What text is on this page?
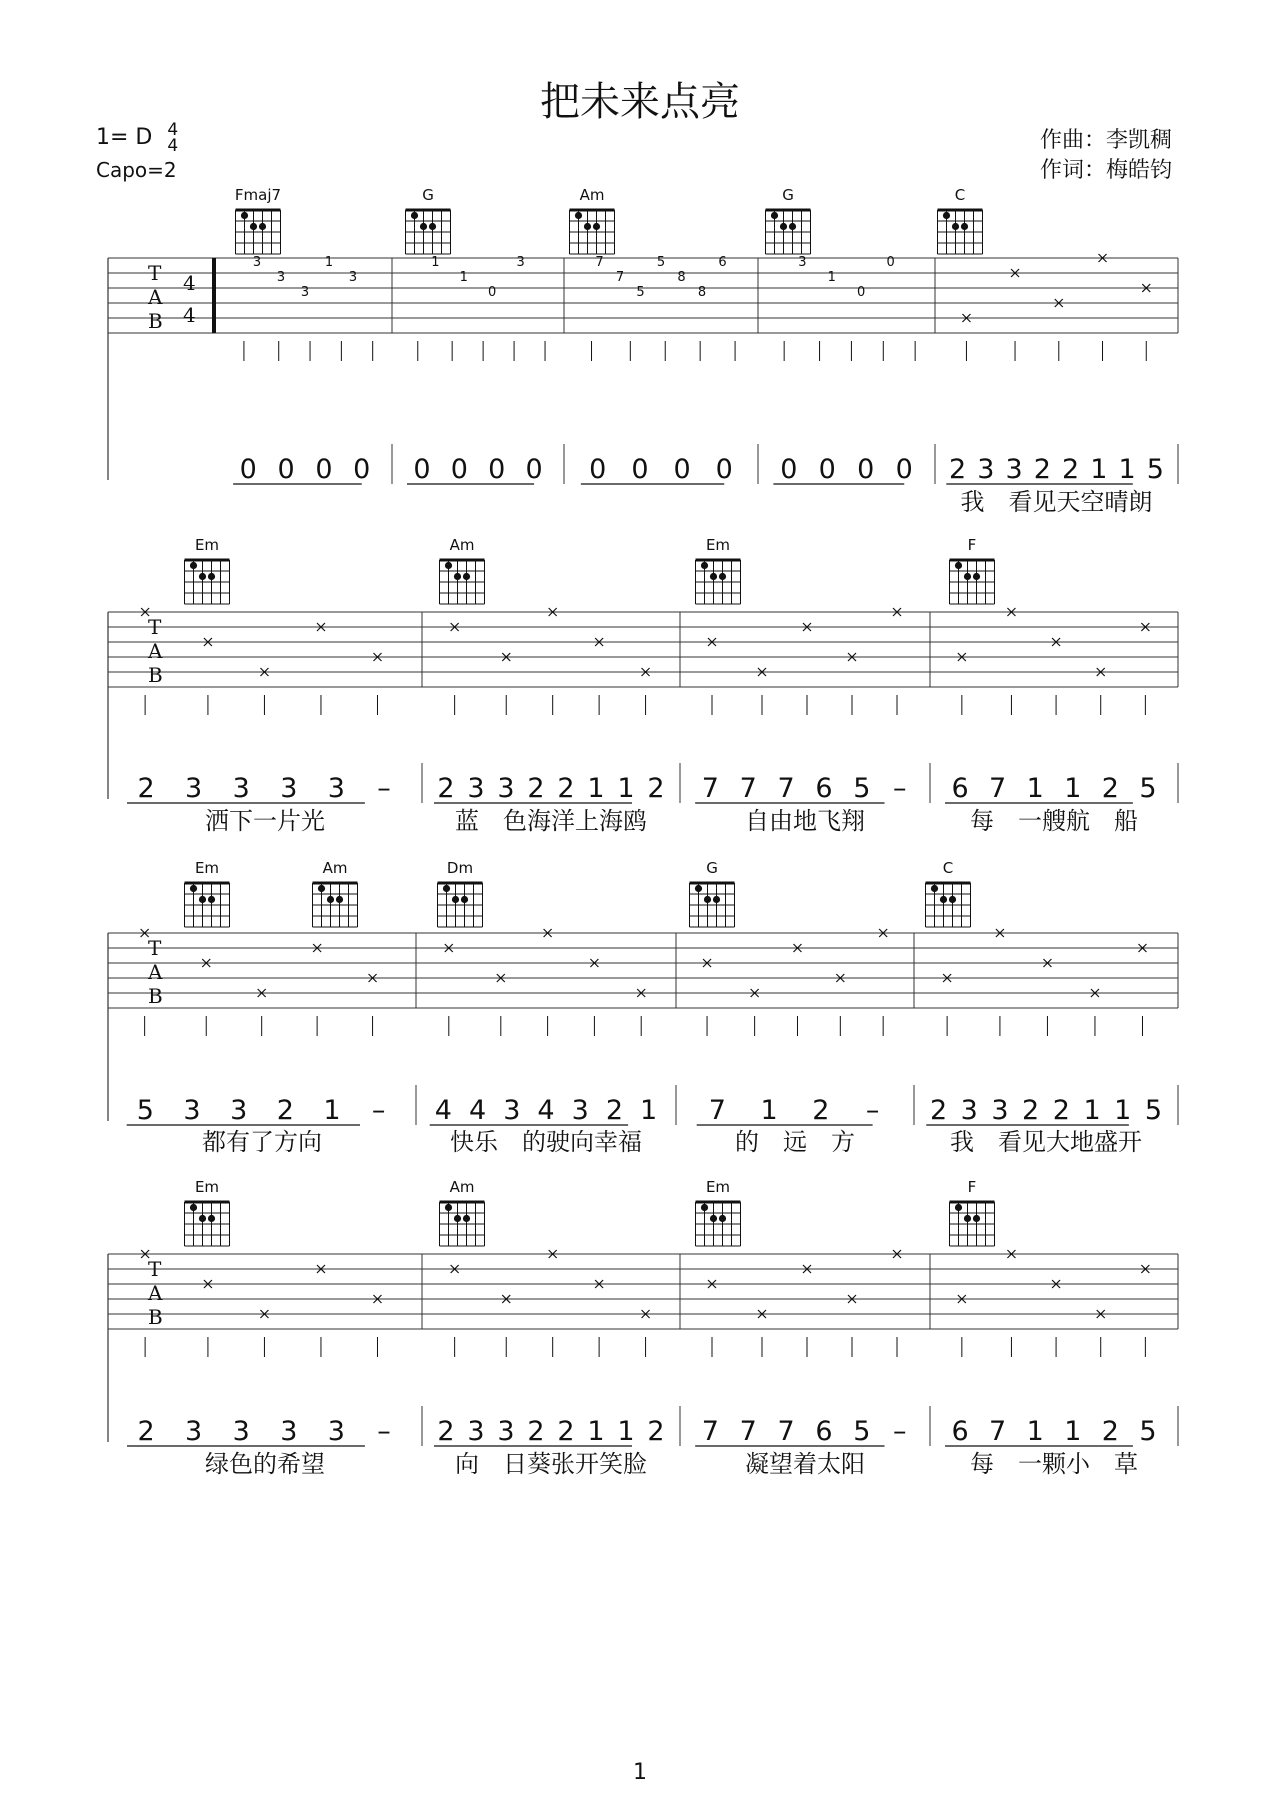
把未来点亮
1= D 4
4
Capo=2
作曲：李凯稠
作词：梅皓钧
Fmaj7	G	Am	G	C
T
A
B
4
4
3
3
3
1
3
1
1
0
3	7
7
5
5
8
8
6	3
1
0
0
0 0 0 0 0 0 0 0 0 0 0 0 0 0 0 0 2 3 3 2 2 1 1 5
我　看见天空晴朗
Em	Am	Em	F
T
A
B
2 3 3 3 3 – 2 3 3 2 2 1 1 2 7 7 7 6 5 – 6 7 1 1 2 5
洒下一片光	蓝　色海洋上海鸥	自由地飞翔	每　一艘航　船
Em	Am	Dm	G	C
T
A
B
5 3 3 2 1 – 4 4 3 4 3 2 1 7 1 2 – 2 3 3 2 2 1 1 5
都有了方向	快乐　的驶向幸福	的　远　方	我　看见大地盛开
Em	Am	Em	F
T
A
B
2 3 3 3 3 – 2 3 3 2 2 1 1 2 7 7 7 6 5 – 6 7 1 1 2 5
绿色的希望	向　日葵张开笑脸	凝望着太阳	每　一颗小　草
1
